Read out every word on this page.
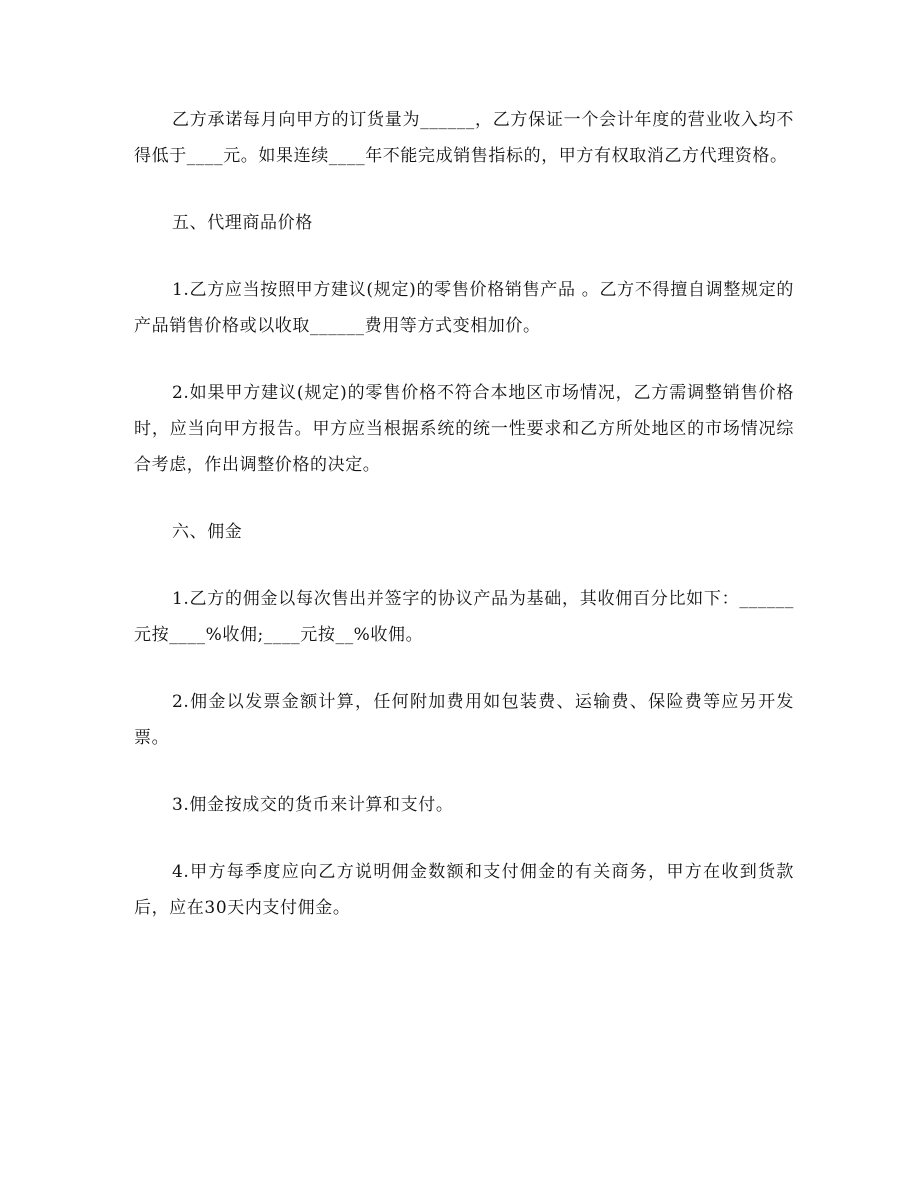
乙方承诺每月向甲方的订货量为______，乙方保证一个会计年度的营业收入均不得低于____元。如果连续____年不能完成销售指标的，甲方有权取消乙方代理资格。

五、代理商品价格

1.乙方应当按照甲方建议(规定)的零售价格销售产品 。乙方不得擅自调整规定的产品销售价格或以收取______费用等方式变相加价。

2.如果甲方建议(规定)的零售价格不符合本地区市场情况，乙方需调整销售价格时，应当向甲方报告。甲方应当根据系统的统一性要求和乙方所处地区的市场情况综合考虑，作出调整价格的决定。

六、佣金

1.乙方的佣金以每次售出并签字的协议产品为基础，其收佣百分比如下：______元按____%收佣;____元按__%收佣。

2.佣金以发票金额计算，任何附加费用如包装费、运输费、保险费等应另开发票。

3.佣金按成交的货币来计算和支付。

4.甲方每季度应向乙方说明佣金数额和支付佣金的有关商务，甲方在收到货款后，应在30天内支付佣金。
